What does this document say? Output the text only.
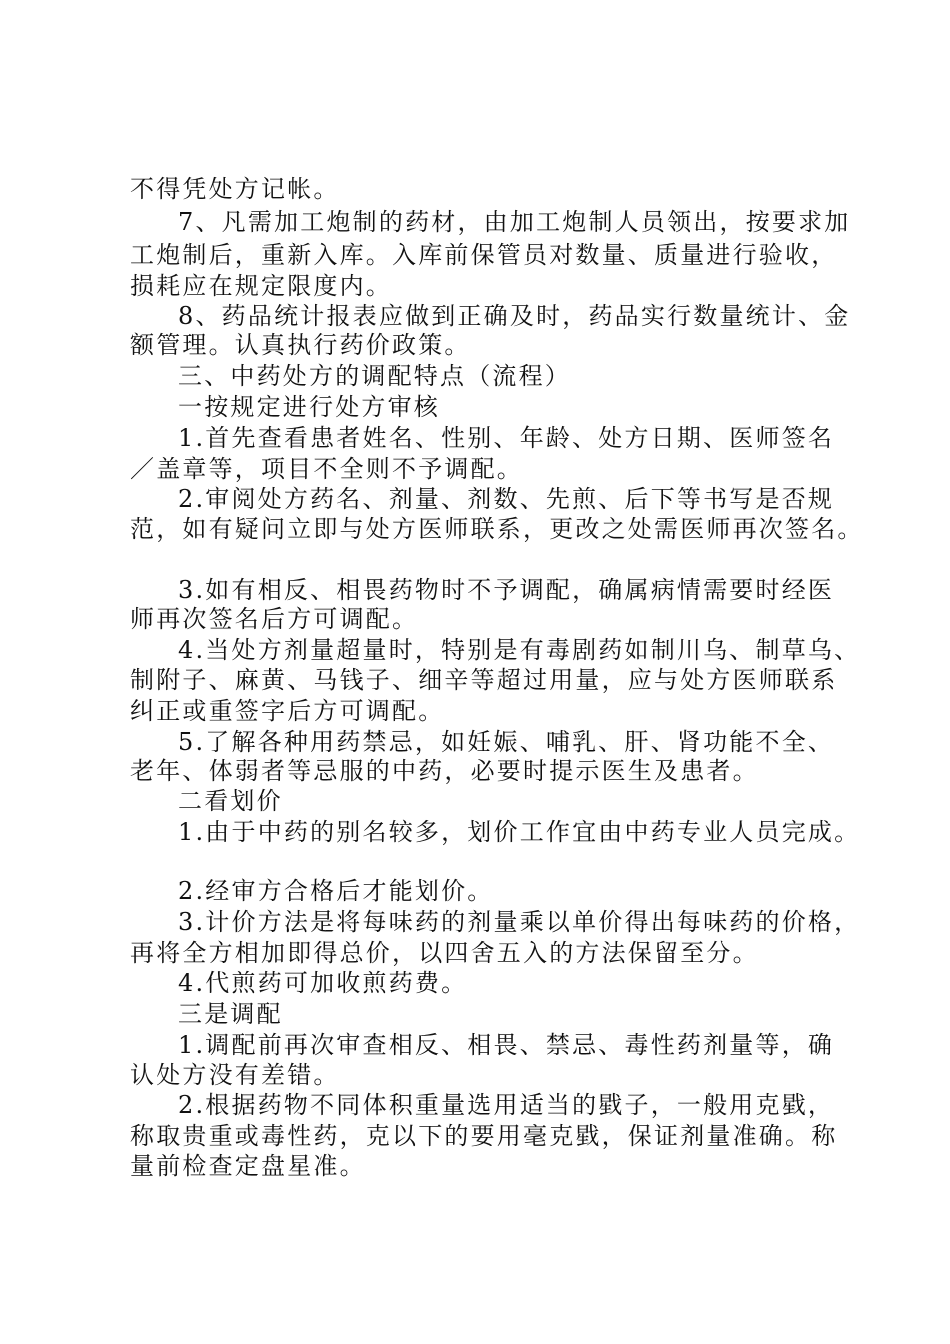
不得凭处方记帐。
7、凡需加工炮制的药材，由加工炮制人员领出，按要求加
工炮制后，重新入库。入库前保管员对数量、质量进行验收，
损耗应在规定限度内。
8、药品统计报表应做到正确及时，药品实行数量统计、金
额管理。认真执行药价政策。
三、中药处方的调配特点（流程）
一按规定进行处方审核
1.首先查看患者姓名、性别、年龄、处方日期、医师签名
／盖章等，项目不全则不予调配。
2.审阅处方药名、剂量、剂数、先煎、后下等书写是否规
范，如有疑问立即与处方医师联系，更改之处需医师再次签名。
3.如有相反、相畏药物时不予调配，确属病情需要时经医
师再次签名后方可调配。
4.当处方剂量超量时，特别是有毒剧药如制川乌、制草乌、
制附子、麻黄、马钱子、细辛等超过用量，应与处方医师联系
纠正或重签字后方可调配。
5.了解各种用药禁忌，如妊娠、哺乳、肝、肾功能不全、
老年、体弱者等忌服的中药，必要时提示医生及患者。
二看划价
1.由于中药的别名较多，划价工作宜由中药专业人员完成。
2.经审方合格后才能划价。
3.计价方法是将每味药的剂量乘以单价得出每味药的价格，
再将全方相加即得总价，以四舍五入的方法保留至分。
4.代煎药可加收煎药费。
三是调配
1.调配前再次审查相反、相畏、禁忌、毒性药剂量等，确
认处方没有差错。
2.根据药物不同体积重量选用适当的戥子，一般用克戥，
称取贵重或毒性药，克以下的要用毫克戥，保证剂量准确。称
量前检查定盘星准。
